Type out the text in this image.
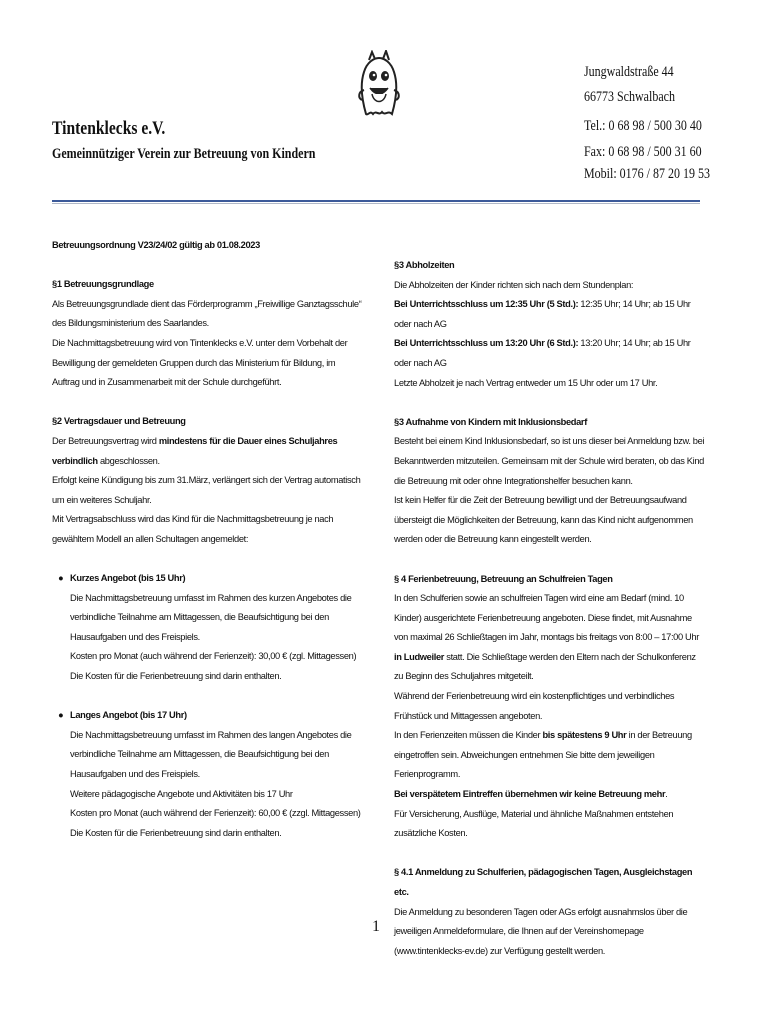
Tintenklecks e.V.
Gemeinnütziger Verein zur Betreuung von Kindern
Jungwaldstraße 44
66773 Schwalbach
Tel.: 0 68 98 / 500 30 40
Fax: 0 68 98 / 500 31 60
Mobil: 0176 / 87 20 19 53

Betreuungsordnung V23/24/02 gültig ab 01.08.2023

§1 Betreuungsgrundlage

Als Betreuungsgrundlade dient das Förderprogramm „Freiwillige Ganztagsschule“ des Bildungsministerium des Saarlandes.

Die Nachmittagsbetreuung wird von Tintenklecks e.V. unter dem Vorbehalt der Bewilligung der gemeldeten Gruppen durch das Ministerium für Bildung, im Auftrag und in Zusammenarbeit mit der Schule durchgeführt.

§2 Vertragsdauer und Betreuung

Der Betreuungsvertrag wird mindestens für die Dauer eines Schuljahres verbindlich abgeschlossen.

Erfolgt keine Kündigung bis zum 31.März, verlängert sich der Vertrag automatisch um ein weiteres Schuljahr.

Mit Vertragsabschluss wird das Kind für die Nachmittagsbetreuung je nach gewähltem Modell an allen Schultagen angemeldet:

● Kurzes Angebot (bis 15 Uhr)

Die Nachmittagsbetreuung umfasst im Rahmen des kurzen Angebotes die verbindliche Teilnahme am Mittagessen, die Beaufsichtigung bei den Hausaufgaben und des Freispiels.

Kosten pro Monat (auch während der Ferienzeit): 30,00 € (zgl. Mittagessen)

Die Kosten für die Ferienbetreuung sind darin enthalten.

● Langes Angebot (bis 17 Uhr)

Die Nachmittagsbetreuung umfasst im Rahmen des langen Angebotes die verbindliche Teilnahme am Mittagessen, die Beaufsichtigung bei den Hausaufgaben und des Freispiels.

Weitere pädagogische Angebote und Aktivitäten bis 17 Uhr

Kosten pro Monat (auch während der Ferienzeit): 60,00 € (zzgl. Mittagessen)

Die Kosten für die Ferienbetreuung sind darin enthalten.

§3 Abholzeiten

Die Abholzeiten der Kinder richten sich nach dem Stundenplan:

Bei Unterrichtsschluss um 12:35 Uhr (5 Std.): 12:35 Uhr; 14 Uhr; ab 15 Uhr oder nach AG

Bei Unterrichtsschluss um 13:20 Uhr (6 Std.): 13:20 Uhr; 14 Uhr; ab 15 Uhr oder nach AG

Letzte Abholzeit je nach Vertrag entweder um 15 Uhr oder um 17 Uhr.

§3 Aufnahme von Kindern mit Inklusionsbedarf

Besteht bei einem Kind Inklusionsbedarf, so ist uns dieser bei Anmeldung bzw. bei Bekanntwerden mitzuteilen. Gemeinsam mit der Schule wird beraten, ob das Kind die Betreuung mit oder ohne Integrationshelfer besuchen kann.

Ist kein Helfer für die Zeit der Betreuung bewilligt und der Betreuungsaufwand übersteigt die Möglichkeiten der Betreuung, kann das Kind nicht aufgenommen werden oder die Betreuung kann eingestellt werden.

§ 4 Ferienbetreuung, Betreuung an Schulfreien Tagen

In den Schulferien sowie an schulfreien Tagen wird eine am Bedarf (mind. 10 Kinder) ausgerichtete Ferienbetreuung angeboten. Diese findet, mit Ausnahme von maximal 26 Schließtagen im Jahr, montags bis freitags von 8:00 – 17:00 Uhr in Ludweiler statt. Die Schließtage werden den Eltern nach der Schulkonferenz zu Beginn des Schuljahres mitgeteilt.

Während der Ferienbetreuung wird ein kostenpflichtiges und verbindliches Frühstück und Mittagessen angeboten.

In den Ferienzeiten müssen die Kinder bis spätestens 9 Uhr in der Betreuung eingetroffen sein. Abweichungen entnehmen Sie bitte dem jeweiligen Ferienprogramm.

Bei verspätetem Eintreffen übernehmen wir keine Betreuung mehr.

Für Versicherung, Ausflüge, Material und ähnliche Maßnahmen entstehen zusätzliche Kosten.

§ 4.1 Anmeldung zu Schulferien, pädagogischen Tagen, Ausgleichstagen etc.

Die Anmeldung zu besonderen Tagen oder AGs erfolgt ausnahmslos über die jeweiligen Anmeldeformulare, die Ihnen auf der Vereinshomepage (www.tintenklecks-ev.de) zur Verfügung gestellt werden.

1
